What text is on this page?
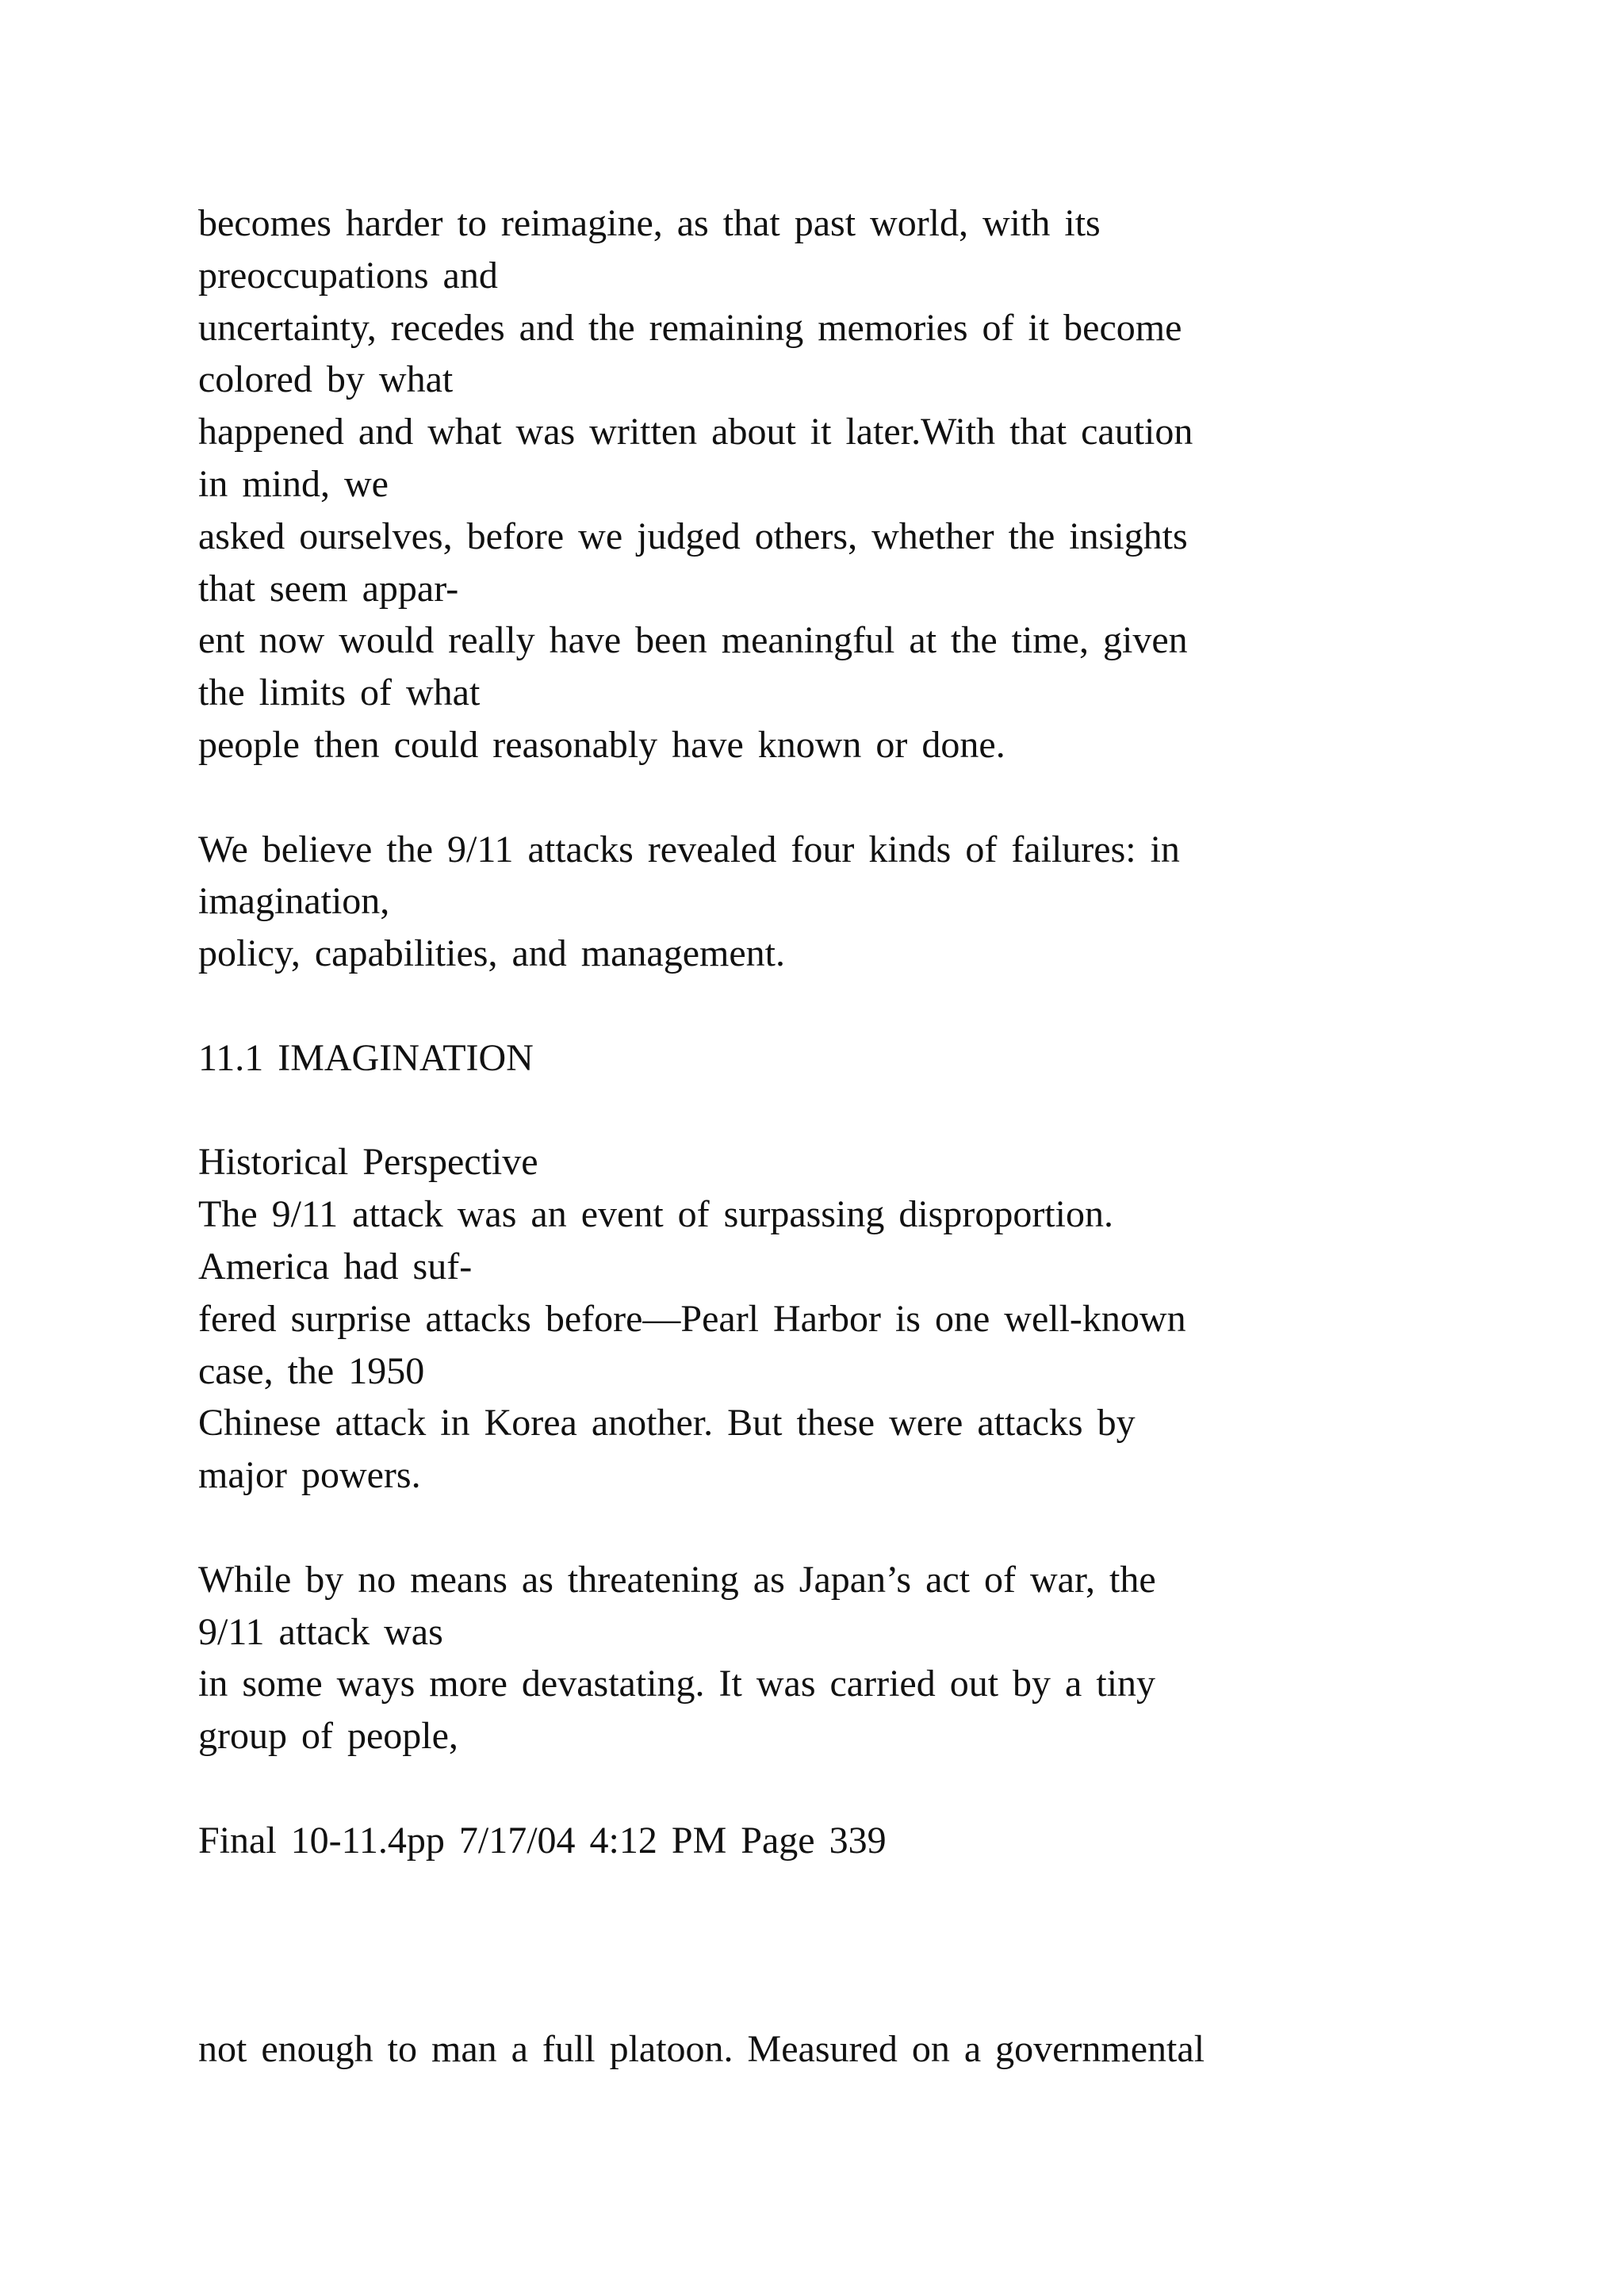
becomes harder to reimagine, as that past world, with its
preoccupations and
uncertainty, recedes and the remaining memories of it become
colored by what
happened and what was written about it later.With that caution
in mind, we
asked ourselves, before we judged others, whether the insights
that seem appar-
ent now would really have been meaningful at the time, given
the limits of what
people then could reasonably have known or done.
We believe the 9/11 attacks revealed four kinds of failures: in
imagination,
policy, capabilities, and management.
11.1 IMAGINATION
Historical Perspective
The 9/11 attack was an event of surpassing disproportion.
America had suf-
fered surprise attacks before—Pearl Harbor is one well-known
case, the 1950
Chinese attack in Korea another. But these were attacks by
major powers.
While by no means as threatening as Japan’s act of war, the
9/11 attack was
in some ways more devastating. It was carried out by a tiny
group of people,
Final 10-11.4pp 7/17/04 4:12 PM Page 339
not enough to man a full platoon. Measured on a governmental
